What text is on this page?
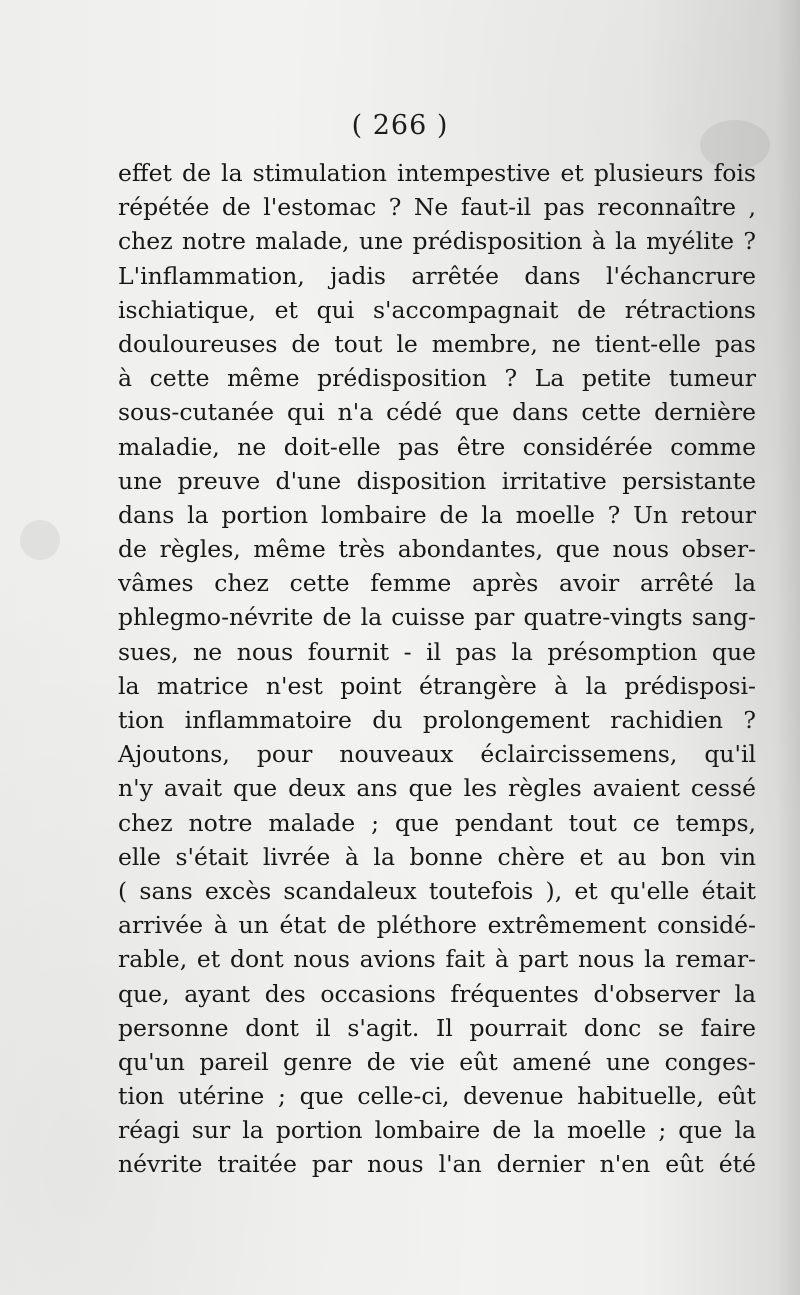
( 266 )
effet de la stimulation intempestive et plusieurs fois
répétée de l'estomac ? Ne faut-il pas reconnaître ,
chez notre malade, une prédisposition à la myélite ?
L'inflammation, jadis arrêtée dans l'échancrure
ischiatique, et qui s'accompagnait de rétractions
douloureuses de tout le membre, ne tient-elle pas
à cette même prédisposition ? La petite tumeur
sous-cutanée qui n'a cédé que dans cette dernière
maladie, ne doit-elle pas être considérée comme
une preuve d'une disposition irritative persistante
dans la portion lombaire de la moelle ? Un retour
de règles, même très abondantes, que nous obser-
vâmes chez cette femme après avoir arrêté la
phlegmo-névrite de la cuisse par quatre-vingts sang-
sues, ne nous fournit - il pas la présomption que
la matrice n'est point étrangère à la prédisposi-
tion inflammatoire du prolongement rachidien ?
Ajoutons, pour nouveaux éclaircissemens, qu'il
n'y avait que deux ans que les règles avaient cessé
chez notre malade ; que pendant tout ce temps,
elle s'était livrée à la bonne chère et au bon vin
( sans excès scandaleux toutefois ), et qu'elle était
arrivée à un état de pléthore extrêmement considé-
rable, et dont nous avions fait à part nous la remar-
que, ayant des occasions fréquentes d'observer la
personne dont il s'agit. Il pourrait donc se faire
qu'un pareil genre de vie eût amené une conges-
tion utérine ; que celle-ci, devenue habituelle, eût
réagi sur la portion lombaire de la moelle ; que la
névrite traitée par nous l'an dernier n'en eût été
